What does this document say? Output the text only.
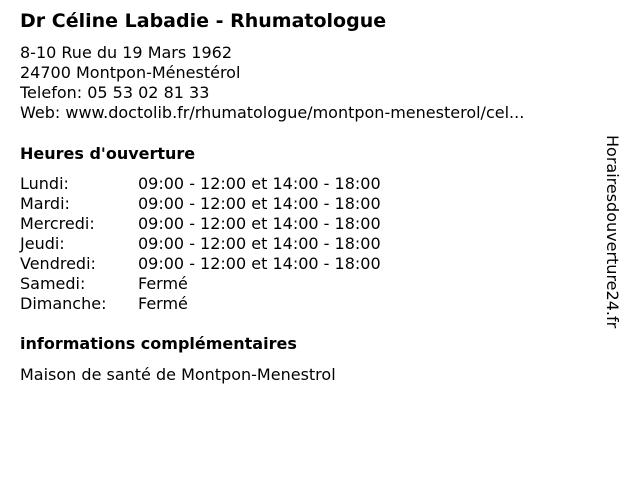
Dr Céline Labadie - Rhumatologue
8-10 Rue du 19 Mars 1962
24700 Montpon-Ménestérol
Telefon: 05 53 02 81 33
Web: www.doctolib.fr/rhumatologue/montpon-menesterol/cel...
Heures d'ouverture
Lundi:	09:00 - 12:00 et 14:00 - 18:00
Mardi:	09:00 - 12:00 et 14:00 - 18:00
Mercredi:	09:00 - 12:00 et 14:00 - 18:00
Jeudi:	09:00 - 12:00 et 14:00 - 18:00
Vendredi:	09:00 - 12:00 et 14:00 - 18:00
Samedi:	Fermé
Dimanche:	Fermé
informations complémentaires
Maison de santé de Montpon-Menestrol
Horairesdouverture24.fr
